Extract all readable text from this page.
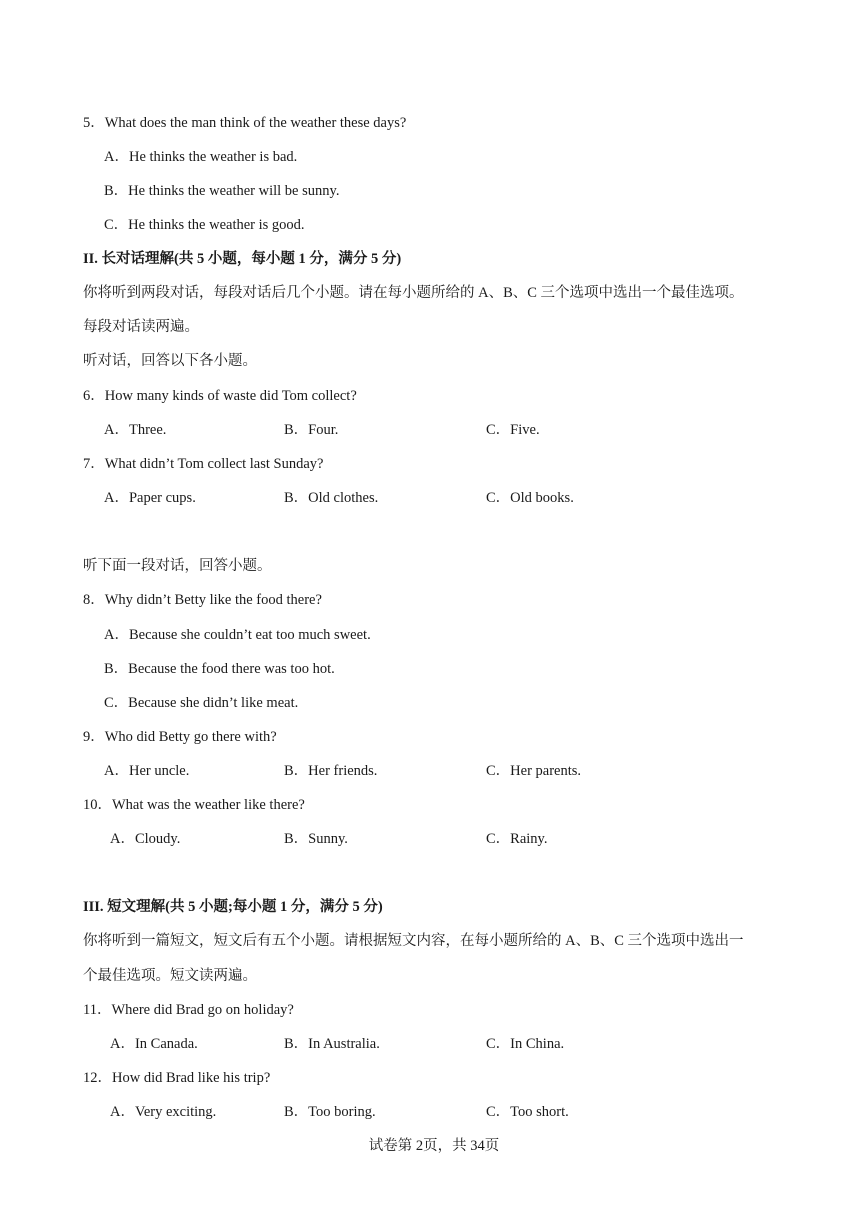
5．What does the man think of the weather these days?
A．He thinks the weather is bad.
B．He thinks the weather will be sunny.
C．He thinks the weather is good.
II. 长对话理解(共 5 小题，每小题 1 分，满分 5 分)
你将听到两段对话，每段对话后几个小题。请在每小题所给的 A、B、C 三个选项中选出一个最佳选项。
每段对话读两遍。
听对话，回答以下各小题。
6．How many kinds of waste did Tom collect?
A．Three.	B．Four.	C．Five.
7．What didn’t Tom collect last Sunday?
A．Paper cups.	B．Old clothes.	C．Old books.
听下面一段对话，回答小题。
8．Why didn’t Betty like the food there?
A．Because she couldn’t eat too much sweet.
B．Because the food there was too hot.
C．Because she didn’t like meat.
9．Who did Betty go there with?
A．Her uncle.	B．Her friends.	C．Her parents.
10．What was the weather like there?
A．Cloudy.	B．Sunny.	C．Rainy.
III. 短文理解(共 5 小题;每小题 1 分，满分 5 分)
你将听到一篇短文，短文后有五个小题。请根据短文内容，在每小题所给的 A、B、C 三个选项中选出一
个最佳选项。短文读两遍。
11．Where did Brad go on holiday?
A．In Canada.	B．In Australia.	C．In China.
12．How did Brad like his trip?
A．Very exciting.	B．Too boring.	C．Too short.
试卷第 2页，共 34页
